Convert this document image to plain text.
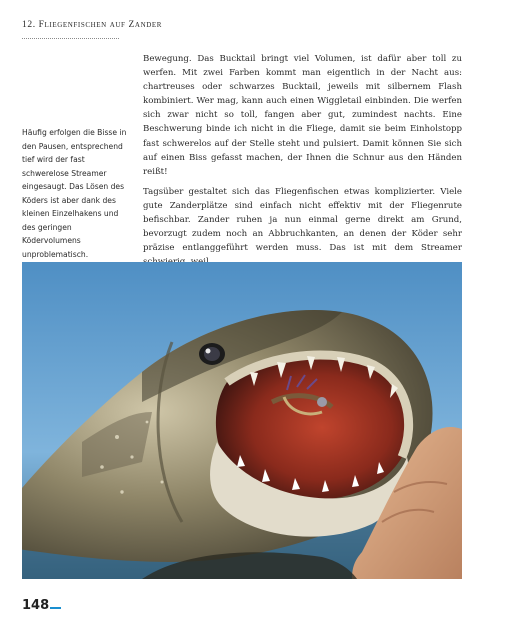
12. Fliegenfischen auf Zander

Häufig erfolgen die Bisse in den Pausen, entsprechend tief wird der fast schwerelose Streamer eingesaugt. Das Lösen des Köders ist aber dank des kleinen Einzelhakens und des geringen Ködervolumens unproblematisch.

Bewegung. Das Bucktail bringt viel Volumen, ist dafür aber toll zu werfen. Mit zwei Farben kommt man eigentlich in der Nacht aus: chartreuses oder schwarzes Bucktail, jeweils mit silbernem Flash kombiniert. Wer mag, kann auch einen Wiggletail einbinden. Die werfen sich zwar nicht so toll, fangen aber gut, zumindest nachts. Eine Beschwerung binde ich nicht in die Fliege, damit sie beim Einholstopp fast schwerelos auf der Stelle steht und pulsiert. Damit können Sie sich auf einen Biss gefasst machen, der Ihnen die Schnur aus den Händen reißt!

Tagsüber gestaltet sich das Fliegenfischen etwas komplizierter. Viele gute Zanderplätze sind einfach nicht effektiv mit der Fliegenrute befischbar. Zander ruhen ja nun einmal gerne direkt am Grund, bevorzugt zudem noch an Abbruchkanten, an denen der Köder sehr präzise entlanggeführt werden muss. Das ist mit dem Streamer

148
